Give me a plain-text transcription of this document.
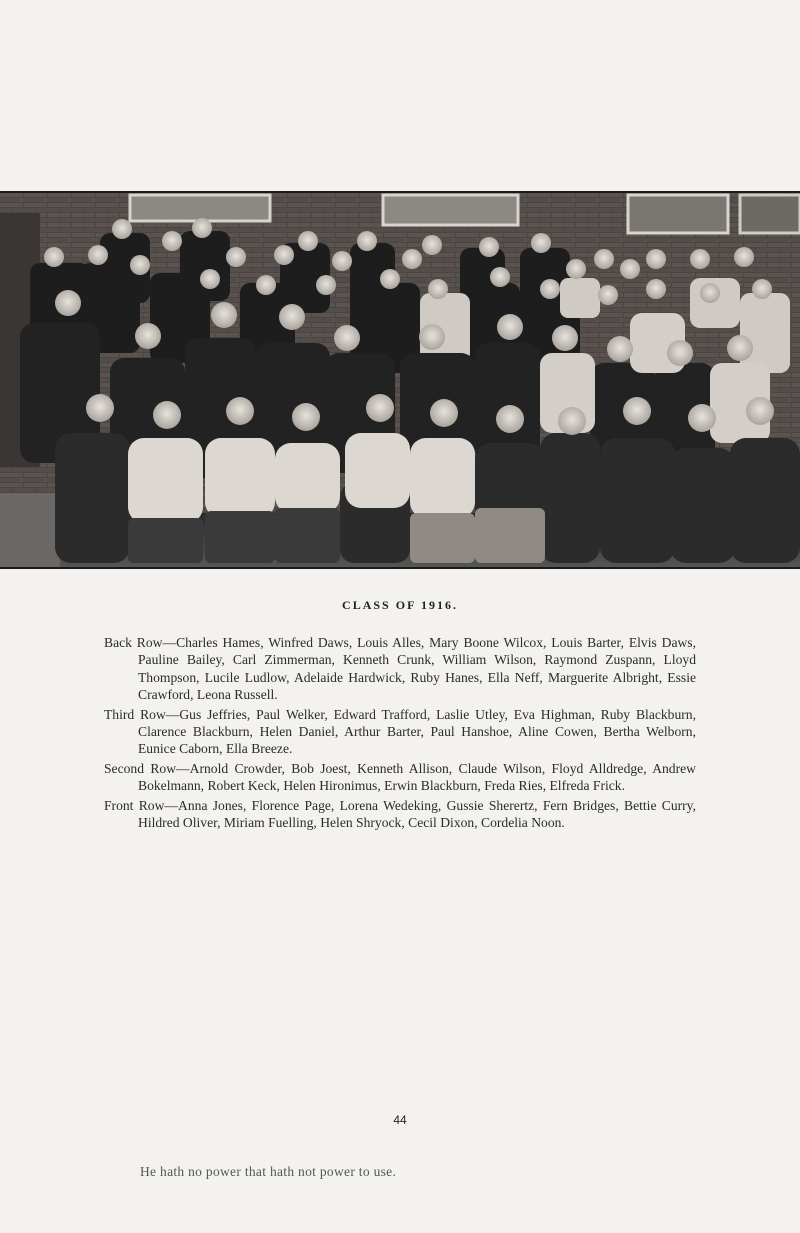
CLASS OF 1916.

Back Row—Charles Hames, Winfred Daws, Louis Alles, Mary Boone Wilcox, Louis Barter, Elvis Daws, Pauline Bailey, Carl Zimmerman, Kenneth Crunk, William Wilson, Raymond Zuspann, Lloyd Thompson, Lucile Ludlow, Adelaide Hardwick, Ruby Hanes, Ella Neff, Marguerite Albright, Essie Crawford, Leona Russell.

Third Row—Gus Jeffries, Paul Welker, Edward Trafford, Laslie Utley, Eva Highman, Ruby Blackburn, Clarence Blackburn, Helen Daniel, Arthur Barter, Paul Hanshoe, Aline Cowen, Bertha Welborn, Eunice Caborn, Ella Breeze.

Second Row—Arnold Crowder, Bob Joest, Kenneth Allison, Claude Wilson, Floyd Alldredge, Andrew Bokelmann, Robert Keck, Helen Hironimus, Erwin Blackburn, Freda Ries, Elfreda Frick.

Front Row—Anna Jones, Florence Page, Lorena Wedeking, Gussie Sherertz, Fern Bridges, Bettie Curry, Hildred Oliver, Miriam Fuelling, Helen Shryock, Cecil Dixon, Cordelia Noon.

44
He hath no power that hath not power to use.
